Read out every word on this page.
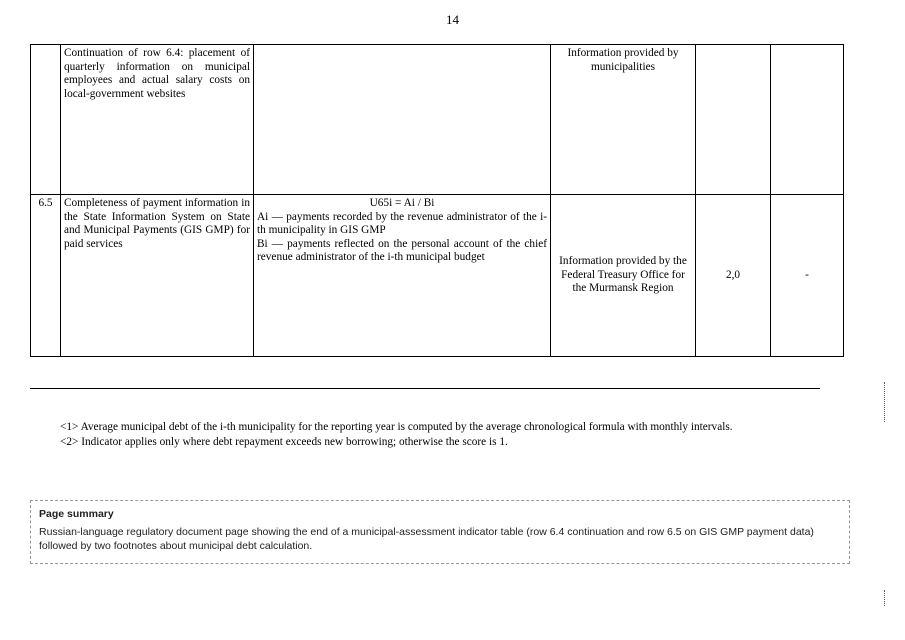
14
	Continuation of row 6.4: placement of quarterly information on municipal employees and actual salary costs on local-government websites		Information provided by municipalities		
6.5	Completeness of payment information in the State Information System on State and Municipal Payments (GIS GMP) for paid services	U65i = Ai / Bi
Ai — payments recorded by the revenue administrator of the i-th municipality in GIS GMP
Bi — payments reflected on the personal account of the chief revenue administrator of the i-th municipal budget	Information provided by the Federal Treasury Office for the Murmansk Region	2,0	-

<1> Average municipal debt of the i-th municipality for the reporting year is computed by the average chronological formula with monthly intervals.

<2> Indicator applies only where debt repayment exceeds new borrowing; otherwise the score is 1.

Page summary

Russian-language regulatory document page showing the end of a municipal-assessment indicator table (row 6.4 continuation and row 6.5 on GIS GMP payment data) followed by two footnotes about municipal debt calculation.
